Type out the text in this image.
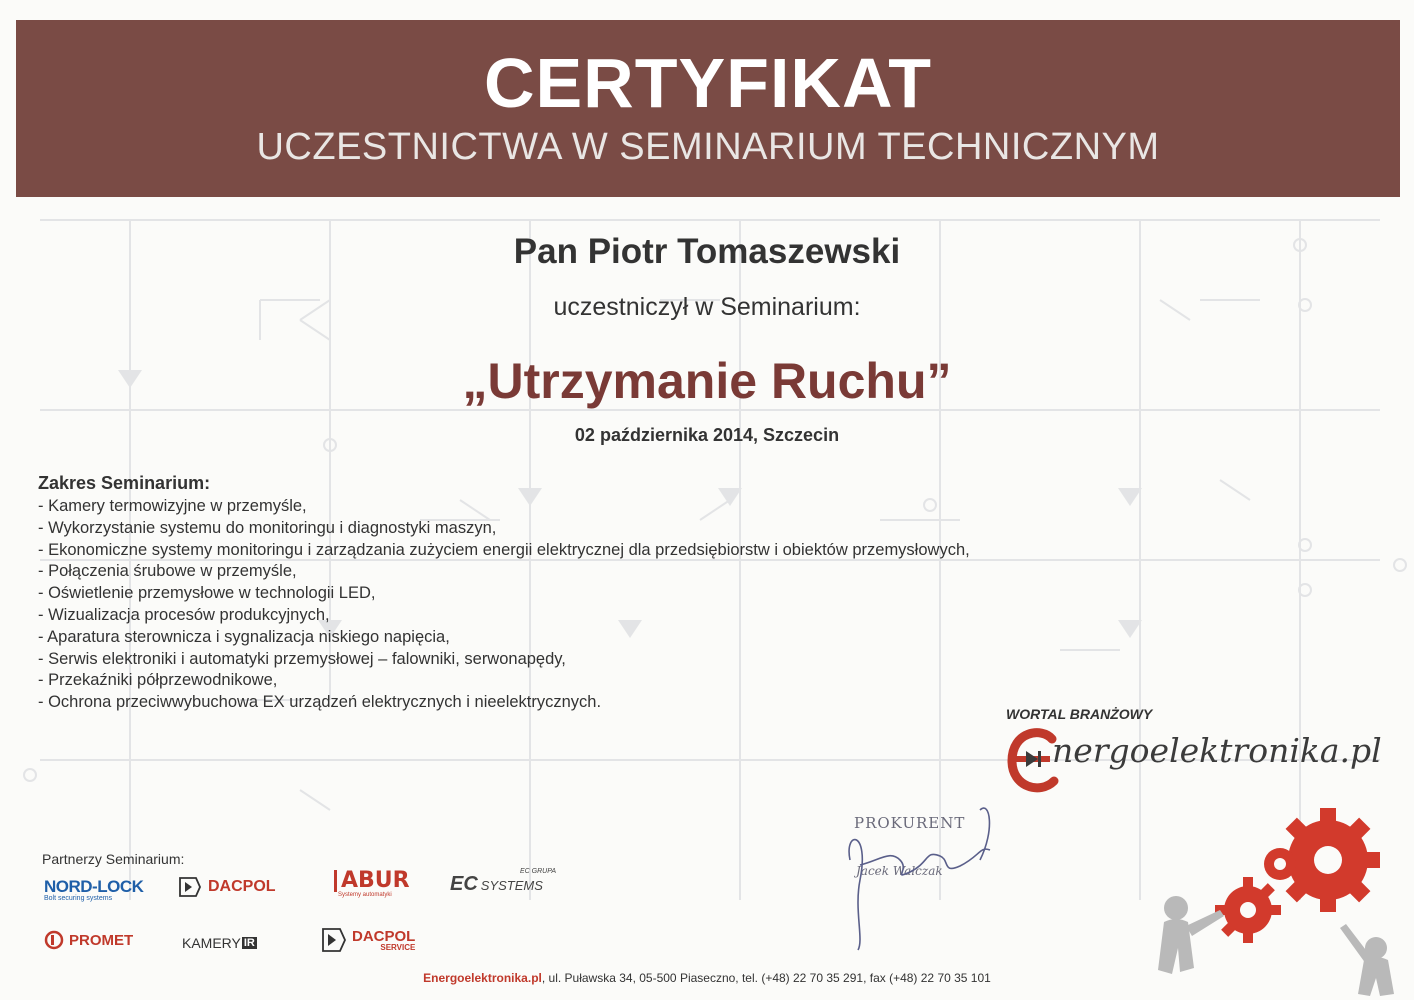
CERTYFIKAT
UCZESTNICTWA W SEMINARIUM TECHNICZNYM
Pan Piotr Tomaszewski
uczestniczył w Seminarium:
„Utrzymanie Ruchu”
02 października 2014, Szczecin
Zakres Seminarium:
- Kamery termowizyjne w przemyśle,
- Wykorzystanie systemu do monitoringu i diagnostyki maszyn,
- Ekonomiczne systemy monitoringu i zarządzania zużyciem energii elektrycznej dla przedsiębiorstw i obiektów przemysłowych,
- Połączenia śrubowe w przemyśle,
- Oświetlenie przemysłowe w technologii LED,
- Wizualizacja procesów produkcyjnych,
- Aparatura sterownicza i sygnalizacja niskiego napięcia,
- Serwis elektroniki i automatyki przemysłowej – falowniki, serwonapędy,
- Przekaźniki półprzewodnikowe,
- Ochrona przeciwwybuchowa EX urządzeń elektrycznych i nieelektrycznych.
WORTAL BRANŻOWY
nergoelektronika.pl
PROKURENT
Jacek Walczak
Partnerzy Seminarium:
NORD-LOCK
Bolt securing systems
DACPOL	ABUR
Systemy automatyki
EC GRUPA
EC SYSTEMS
PROMET	KAMERY IR	DACPOL
SERVICE
Energoelektronika.pl, ul. Puławska 34, 05-500 Piaseczno, tel. (+48) 22 70 35 291, fax (+48) 22 70 35 101
